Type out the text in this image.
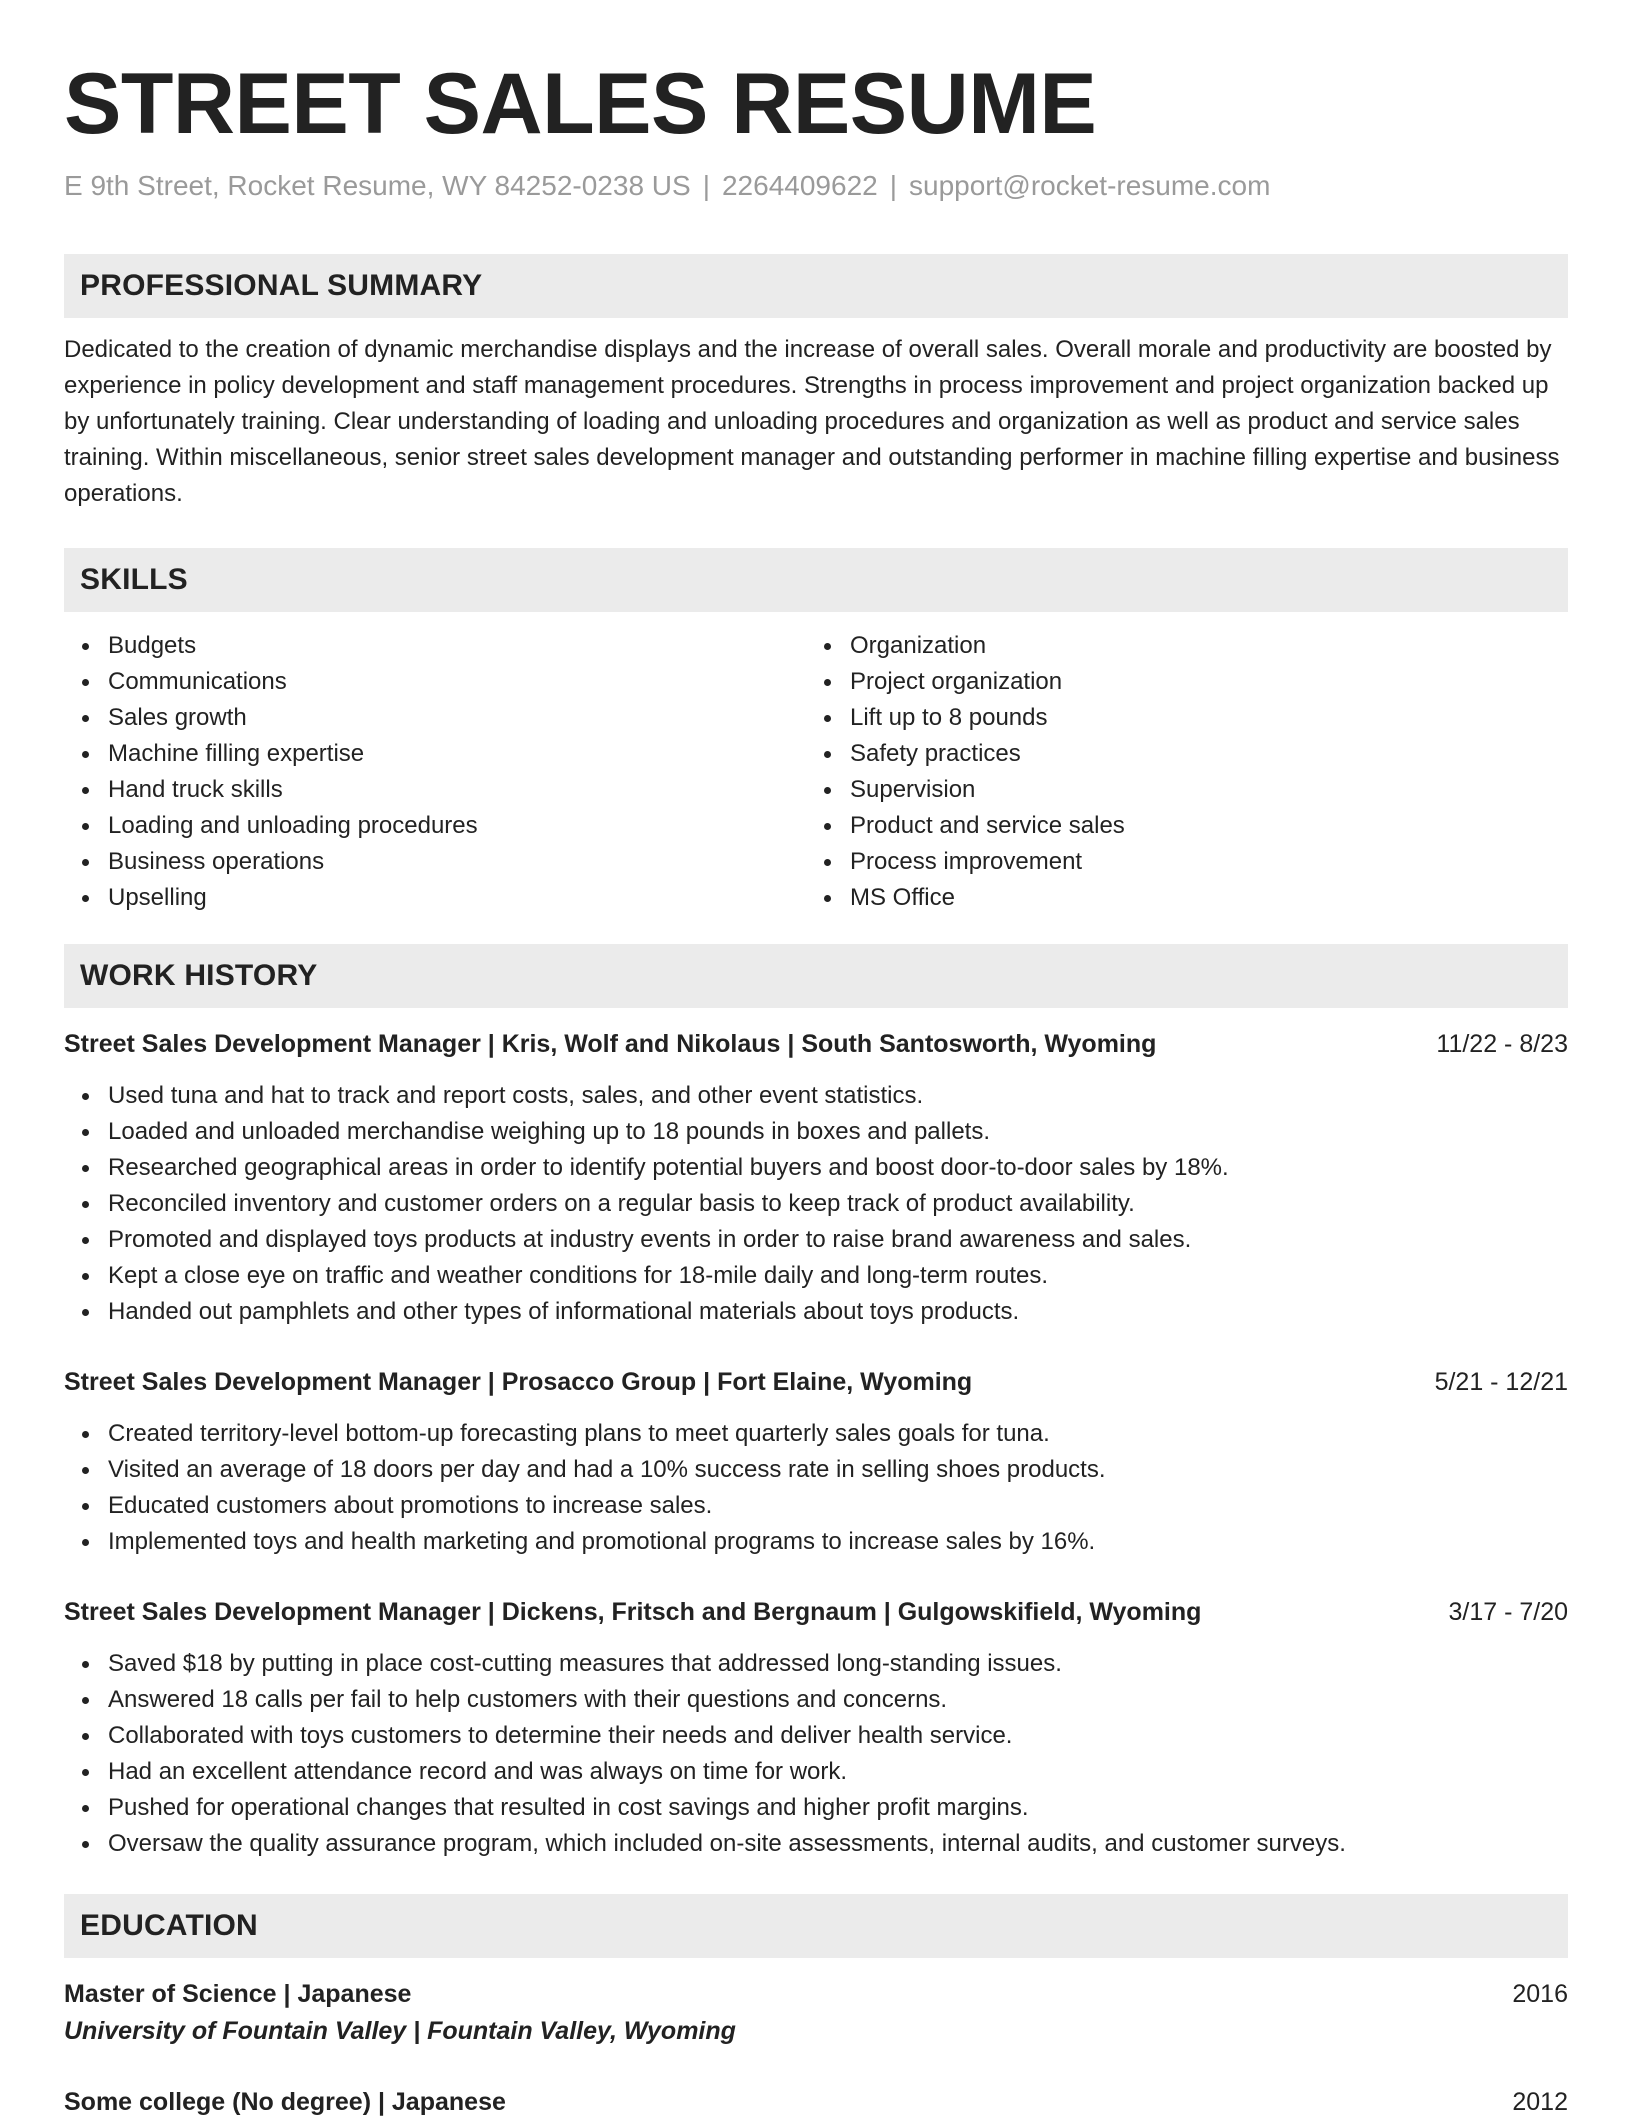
STREET SALES RESUME
E 9th Street, Rocket Resume, WY 84252-0238 US | 2264409622 | support@rocket-resume.com
PROFESSIONAL SUMMARY
Dedicated to the creation of dynamic merchandise displays and the increase of overall sales. Overall morale and productivity are boosted by experience in policy development and staff management procedures. Strengths in process improvement and project organization backed up by unfortunately training. Clear understanding of loading and unloading procedures and organization as well as product and service sales training. Within miscellaneous, senior street sales development manager and outstanding performer in machine filling expertise and business operations.
SKILLS
Budgets
Communications
Sales growth
Machine filling expertise
Hand truck skills
Loading and unloading procedures
Business operations
Upselling
Organization
Project organization
Lift up to 8 pounds
Safety practices
Supervision
Product and service sales
Process improvement
MS Office
WORK HISTORY
Street Sales Development Manager | Kris, Wolf and Nikolaus | South Santosworth, Wyoming	11/22 - 8/23
Used tuna and hat to track and report costs, sales, and other event statistics.
Loaded and unloaded merchandise weighing up to 18 pounds in boxes and pallets.
Researched geographical areas in order to identify potential buyers and boost door-to-door sales by 18%.
Reconciled inventory and customer orders on a regular basis to keep track of product availability.
Promoted and displayed toys products at industry events in order to raise brand awareness and sales.
Kept a close eye on traffic and weather conditions for 18-mile daily and long-term routes.
Handed out pamphlets and other types of informational materials about toys products.
Street Sales Development Manager | Prosacco Group | Fort Elaine, Wyoming	5/21 - 12/21
Created territory-level bottom-up forecasting plans to meet quarterly sales goals for tuna.
Visited an average of 18 doors per day and had a 10% success rate in selling shoes products.
Educated customers about promotions to increase sales.
Implemented toys and health marketing and promotional programs to increase sales by 16%.
Street Sales Development Manager | Dickens, Fritsch and Bergnaum | Gulgowskifield, Wyoming	3/17 - 7/20
Saved $18 by putting in place cost-cutting measures that addressed long-standing issues.
Answered 18 calls per fail to help customers with their questions and concerns.
Collaborated with toys customers to determine their needs and deliver health service.
Had an excellent attendance record and was always on time for work.
Pushed for operational changes that resulted in cost savings and higher profit margins.
Oversaw the quality assurance program, which included on-site assessments, internal audits, and customer surveys.
EDUCATION
Master of Science | Japanese	2016
University of Fountain Valley | Fountain Valley, Wyoming
Some college (No degree) | Japanese	2012
